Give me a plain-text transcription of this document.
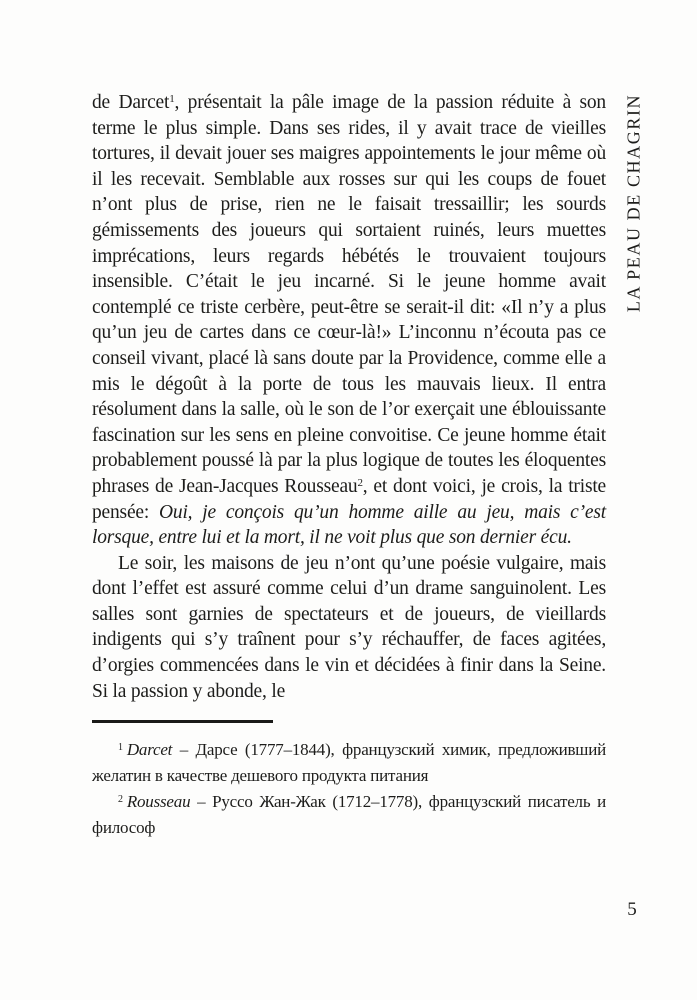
LA PEAU DE CHAGRIN

de Darcet$^1$, présentait la pâle image de la passion réduite à son terme le plus simple. Dans ses rides, il y avait trace de vieilles tortures, il devait jouer ses maigres appointements le jour même où il les recevait. Semblable aux rosses sur qui les coups de fouet n’ont plus de prise, rien ne le faisait tressaillir; les sourds gémissements des joueurs qui sortaient ruinés, leurs muettes imprécations, leurs regards hébétés le trouvaient toujours insensible. C’était le jeu incarné. Si le jeune homme avait contemplé ce triste cerbère, peut-être se serait-il dit: «Il n’y a plus qu’un jeu de cartes dans ce cœur-là!» L’inconnu n’écouta pas ce conseil vivant, placé là sans doute par la Providence, comme elle a mis le dégoût à la porte de tous les mauvais lieux. Il entra résolument dans la salle, où le son de l’or exerçait une éblouissante fascination sur les sens en pleine convoitise. Ce jeune homme était probablement poussé là par la plus logique de toutes les éloquentes phrases de Jean-Jacques Rousseau$^2$, et dont voici, je crois, la triste pensée: Oui, je conçois qu’un homme aille au jeu, mais c’est lorsque, entre lui et la mort, il ne voit plus que son dernier écu.

Le soir, les maisons de jeu n’ont qu’une poésie vulgaire, mais dont l’effet est assuré comme celui d’un drame sanguinolent. Les salles sont garnies de spectateurs et de joueurs, de vieillards indigents qui s’y traînent pour s’y réchauffer, de faces agitées, d’orgies commencées dans le vin et décidées à finir dans la Seine. Si la passion y abonde, le

$^1$ Darcet – Дарсе (1777–1844), французский химик, предложивший желатин в качестве дешевого продукта питания

$^2$ Rousseau – Руссо Жан-Жак (1712–1778), французский писатель и философ

5
